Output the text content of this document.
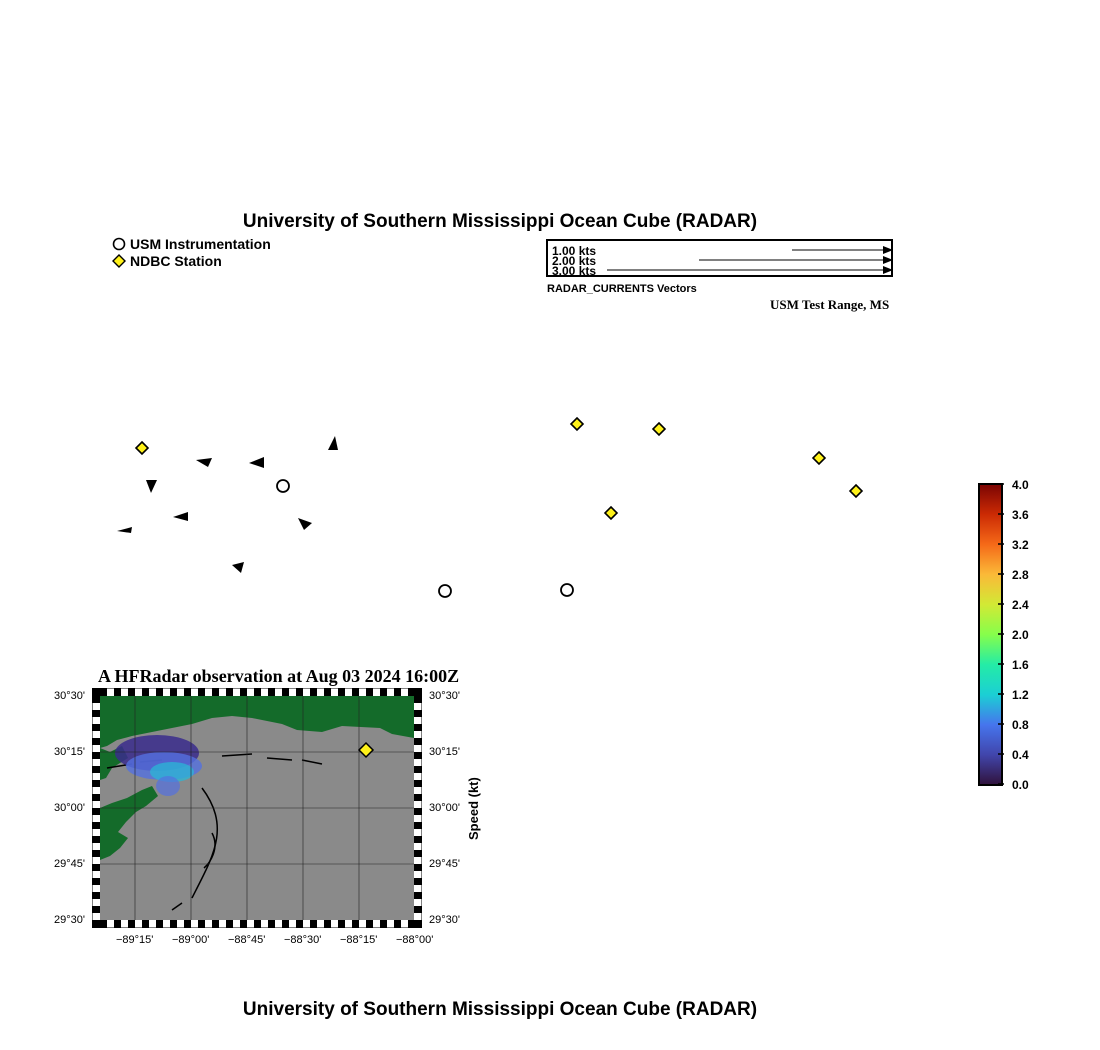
University of Southern Mississippi Ocean Cube (RADAR)
University of Southern Mississippi Ocean Cube (RADAR)
USM Instrumentation
NDBC Station
1.00 kts
2.00 kts
3.00 kts
RADAR_CURRENTS Vectors
USM Test Range, MS
A HFRadar observation at Aug 03 2024 16:00Z
30°30'
30°15'
30°00'
29°45'
29°30'
30°30'
30°15'
30°00'
29°45'
29°30'
−89°15' −89°00' −88°45' −88°30' −88°15' −88°00'
Speed (kt)
4.0
3.6
3.2
2.8
2.4
2.0
1.6
1.2
0.8
0.4
0.0
